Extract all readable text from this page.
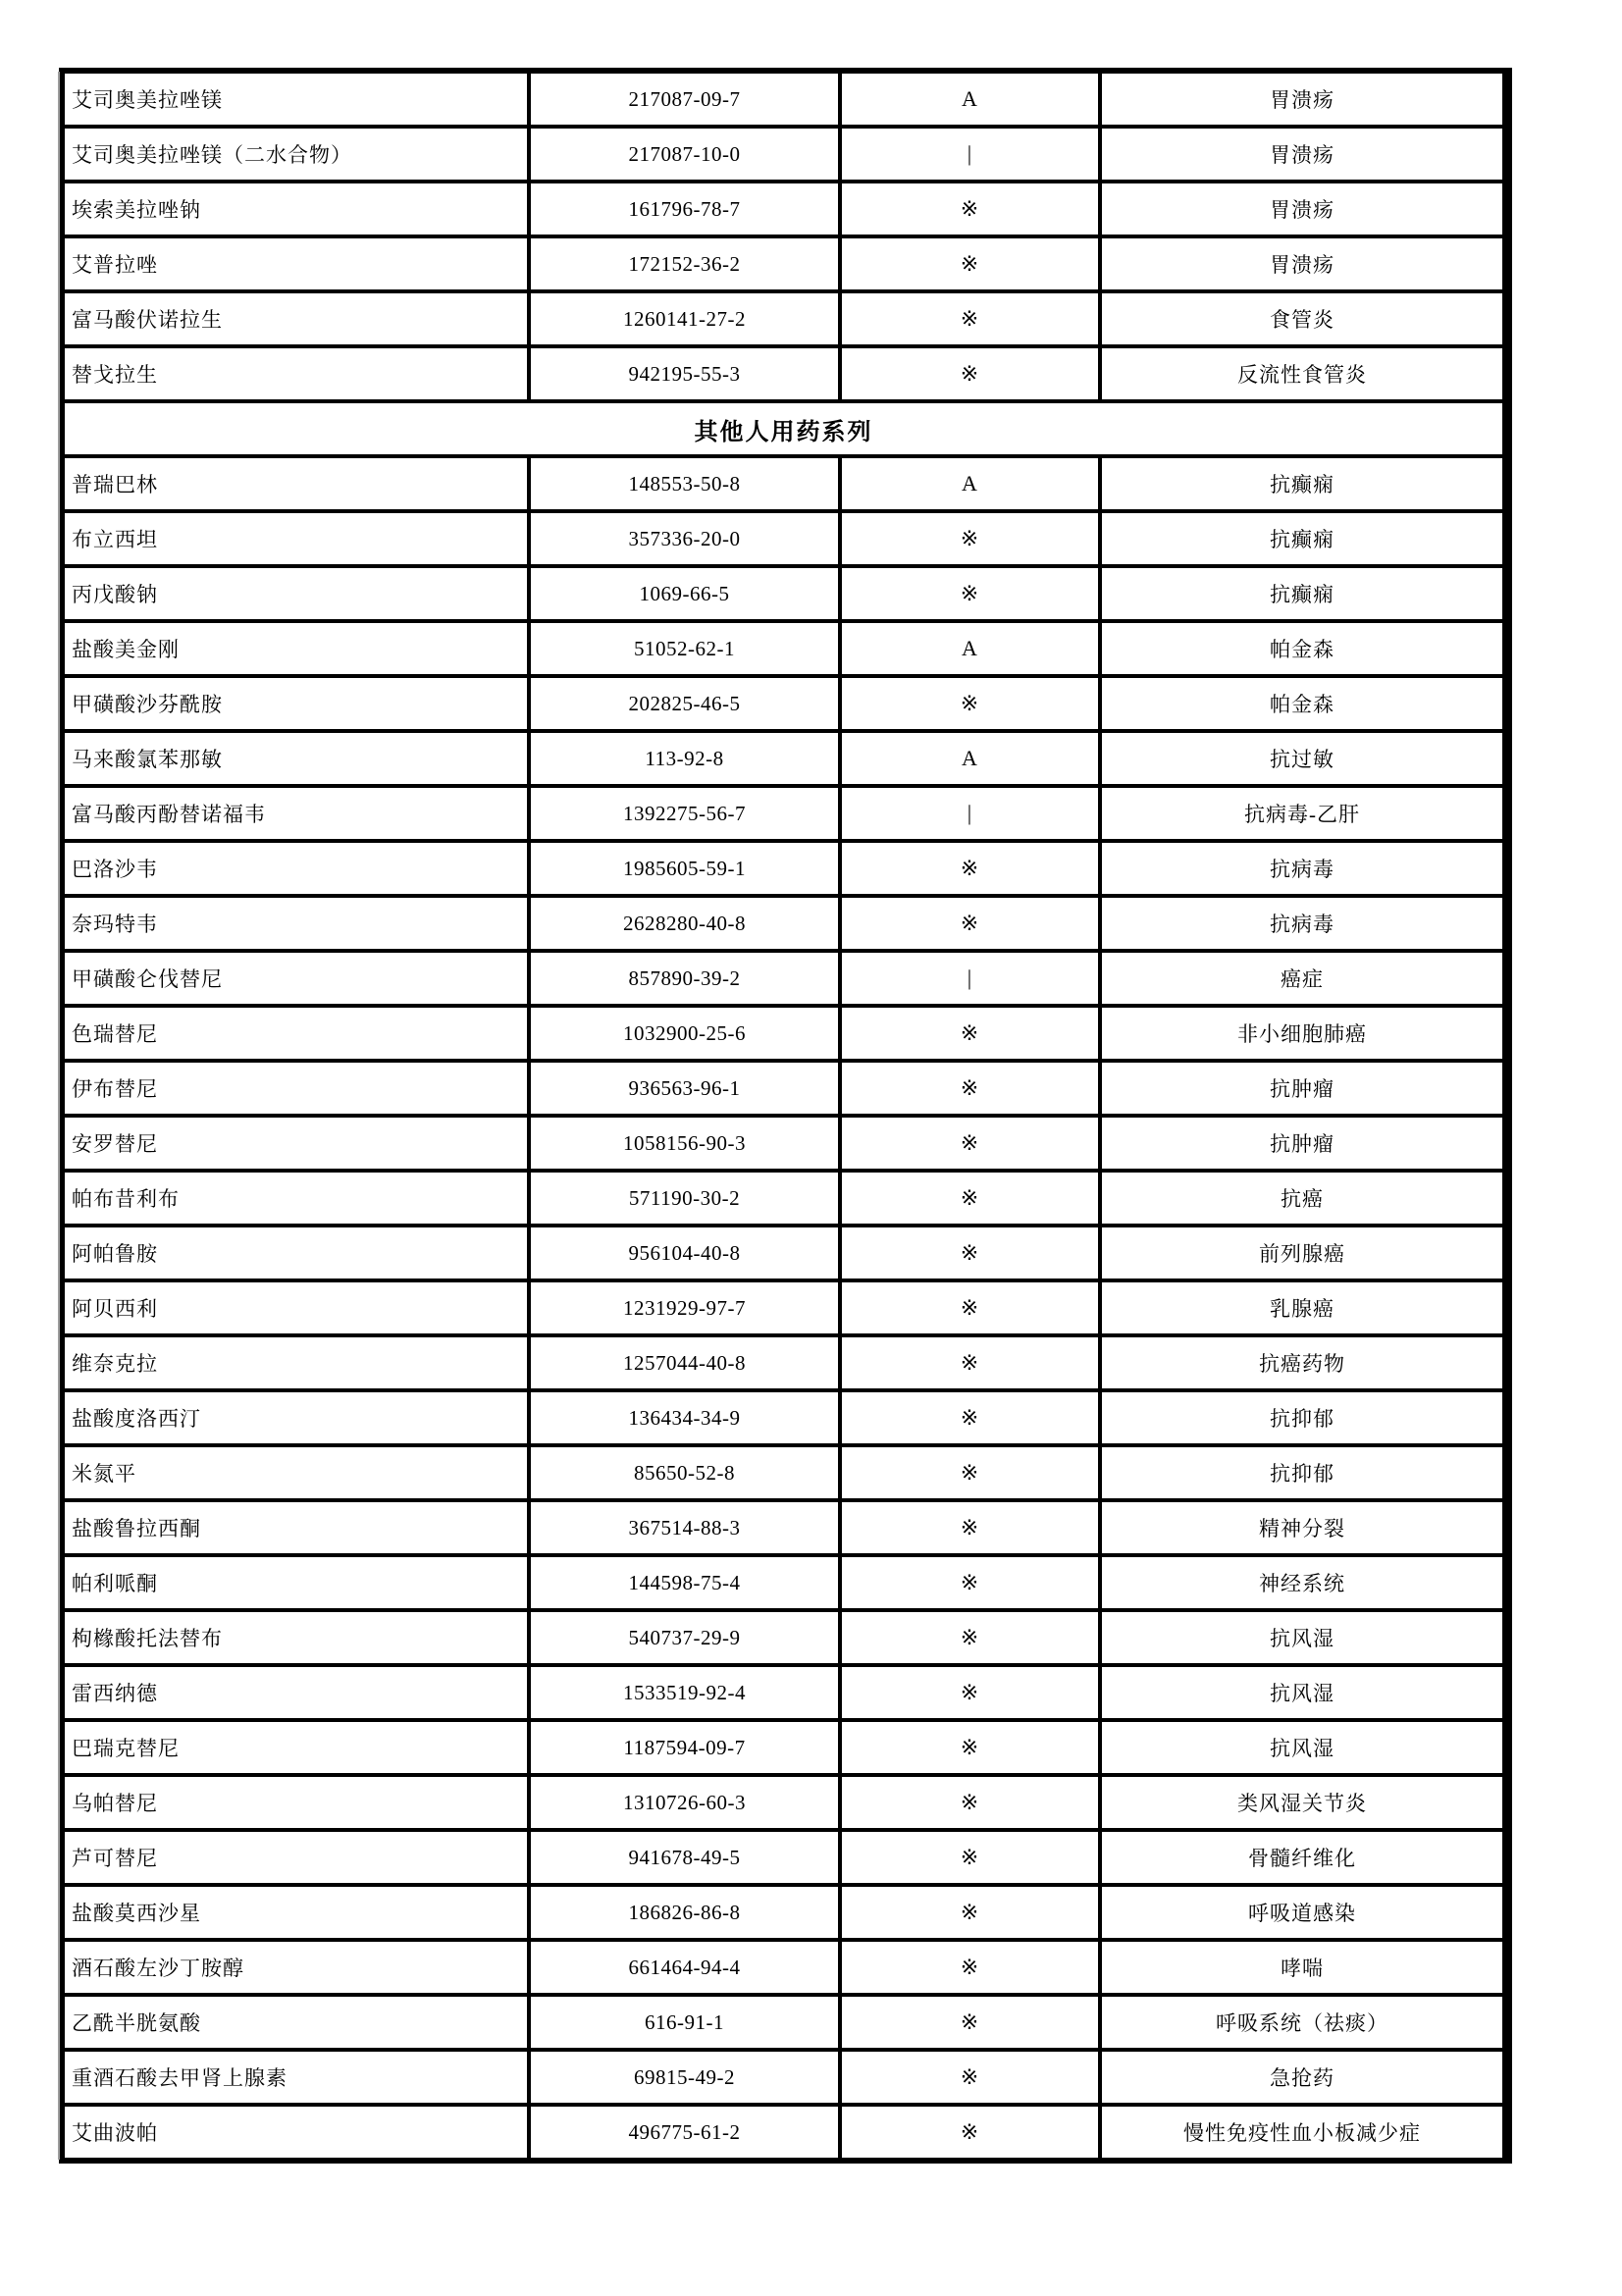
艾司奥美拉唑镁	217087-09-7	A	胃溃疡
艾司奥美拉唑镁（二水合物）	217087-10-0	|	胃溃疡
埃索美拉唑钠	161796-78-7	※	胃溃疡
艾普拉唑	172152-36-2	※	胃溃疡
富马酸伏诺拉生	1260141-27-2	※	食管炎
替戈拉生	942195-55-3	※	反流性食管炎
其他人用药系列
普瑞巴林	148553-50-8	A	抗癫痫
布立西坦	357336-20-0	※	抗癫痫
丙戊酸钠	1069-66-5	※	抗癫痫
盐酸美金刚	51052-62-1	A	帕金森
甲磺酸沙芬酰胺	202825-46-5	※	帕金森
马来酸氯苯那敏	113-92-8	A	抗过敏
富马酸丙酚替诺福韦	1392275-56-7	|	抗病毒-乙肝
巴洛沙韦	1985605-59-1	※	抗病毒
奈玛特韦	2628280-40-8	※	抗病毒
甲磺酸仑伐替尼	857890-39-2	|	癌症
色瑞替尼	1032900-25-6	※	非小细胞肺癌
伊布替尼	936563-96-1	※	抗肿瘤
安罗替尼	1058156-90-3	※	抗肿瘤
帕布昔利布	571190-30-2	※	抗癌
阿帕鲁胺	956104-40-8	※	前列腺癌
阿贝西利	1231929-97-7	※	乳腺癌
维奈克拉	1257044-40-8	※	抗癌药物
盐酸度洛西汀	136434-34-9	※	抗抑郁
米氮平	85650-52-8	※	抗抑郁
盐酸鲁拉西酮	367514-88-3	※	精神分裂
帕利哌酮	144598-75-4	※	神经系统
枸橼酸托法替布	540737-29-9	※	抗风湿
雷西纳德	1533519-92-4	※	抗风湿
巴瑞克替尼	1187594-09-7	※	抗风湿
乌帕替尼	1310726-60-3	※	类风湿关节炎
芦可替尼	941678-49-5	※	骨髓纤维化
盐酸莫西沙星	186826-86-8	※	呼吸道感染
酒石酸左沙丁胺醇	661464-94-4	※	哮喘
乙酰半胱氨酸	616-91-1	※	呼吸系统（祛痰）
重酒石酸去甲肾上腺素	69815-49-2	※	急抢药
艾曲波帕	496775-61-2	※	慢性免疫性血小板减少症
